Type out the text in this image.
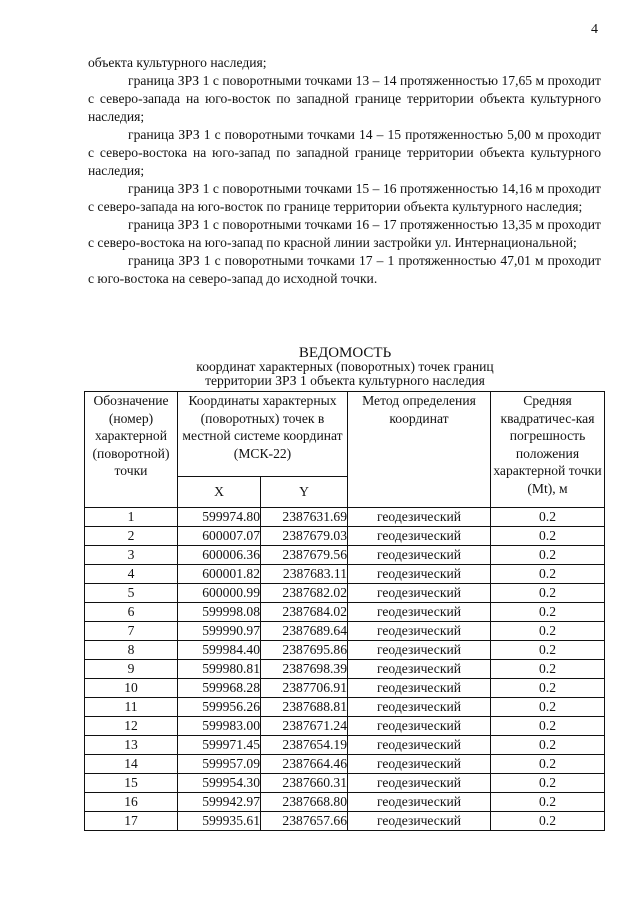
4

объекта культурного наследия;

граница ЗРЗ 1 с поворотными точками 13 – 14 протяженностью 17,65 м проходит с северо-запада на юго-восток по западной границе территории объекта культурного наследия;

граница ЗРЗ 1 с поворотными точками 14 – 15 протяженностью 5,00 м проходит с северо-востока на юго-запад по западной границе территории объекта культурного наследия;

граница ЗРЗ 1 с поворотными точками 15 – 16 протяженностью 14,16 м проходит с северо-запада на юго-восток по границе территории объекта культурного наследия;

граница ЗРЗ 1 с поворотными точками 16 – 17 протяженностью 13,35 м проходит с северо-востока на юго-запад по красной линии застройки ул. Интернациональной;

граница ЗРЗ 1 с поворотными точками 17 – 1 протяженностью 47,01 м проходит с юго-востока на северо-запад до исходной точки.

ВЕДОМОСТЬ
координат характерных (поворотных) точек границ
территории ЗРЗ 1 объекта культурного наследия
Обозначение (номер) характерной (поворотной) точки	Координаты характерных (поворотных) точек в местной системе координат (МСК-22)		Метод определения координат	Средняя квадратичес-кая погрешность положения характерной точки (Mt), м
	X	Y		
1	599974.80	2387631.69	геодезический	0.2
2	600007.07	2387679.03	геодезический	0.2
3	600006.36	2387679.56	геодезический	0.2
4	600001.82	2387683.11	геодезический	0.2
5	600000.99	2387682.02	геодезический	0.2
6	599998.08	2387684.02	геодезический	0.2
7	599990.97	2387689.64	геодезический	0.2
8	599984.40	2387695.86	геодезический	0.2
9	599980.81	2387698.39	геодезический	0.2
10	599968.28	2387706.91	геодезический	0.2
11	599956.26	2387688.81	геодезический	0.2
12	599983.00	2387671.24	геодезический	0.2
13	599971.45	2387654.19	геодезический	0.2
14	599957.09	2387664.46	геодезический	0.2
15	599954.30	2387660.31	геодезический	0.2
16	599942.97	2387668.80	геодезический	0.2
17	599935.61	2387657.66	геодезический	0.2
